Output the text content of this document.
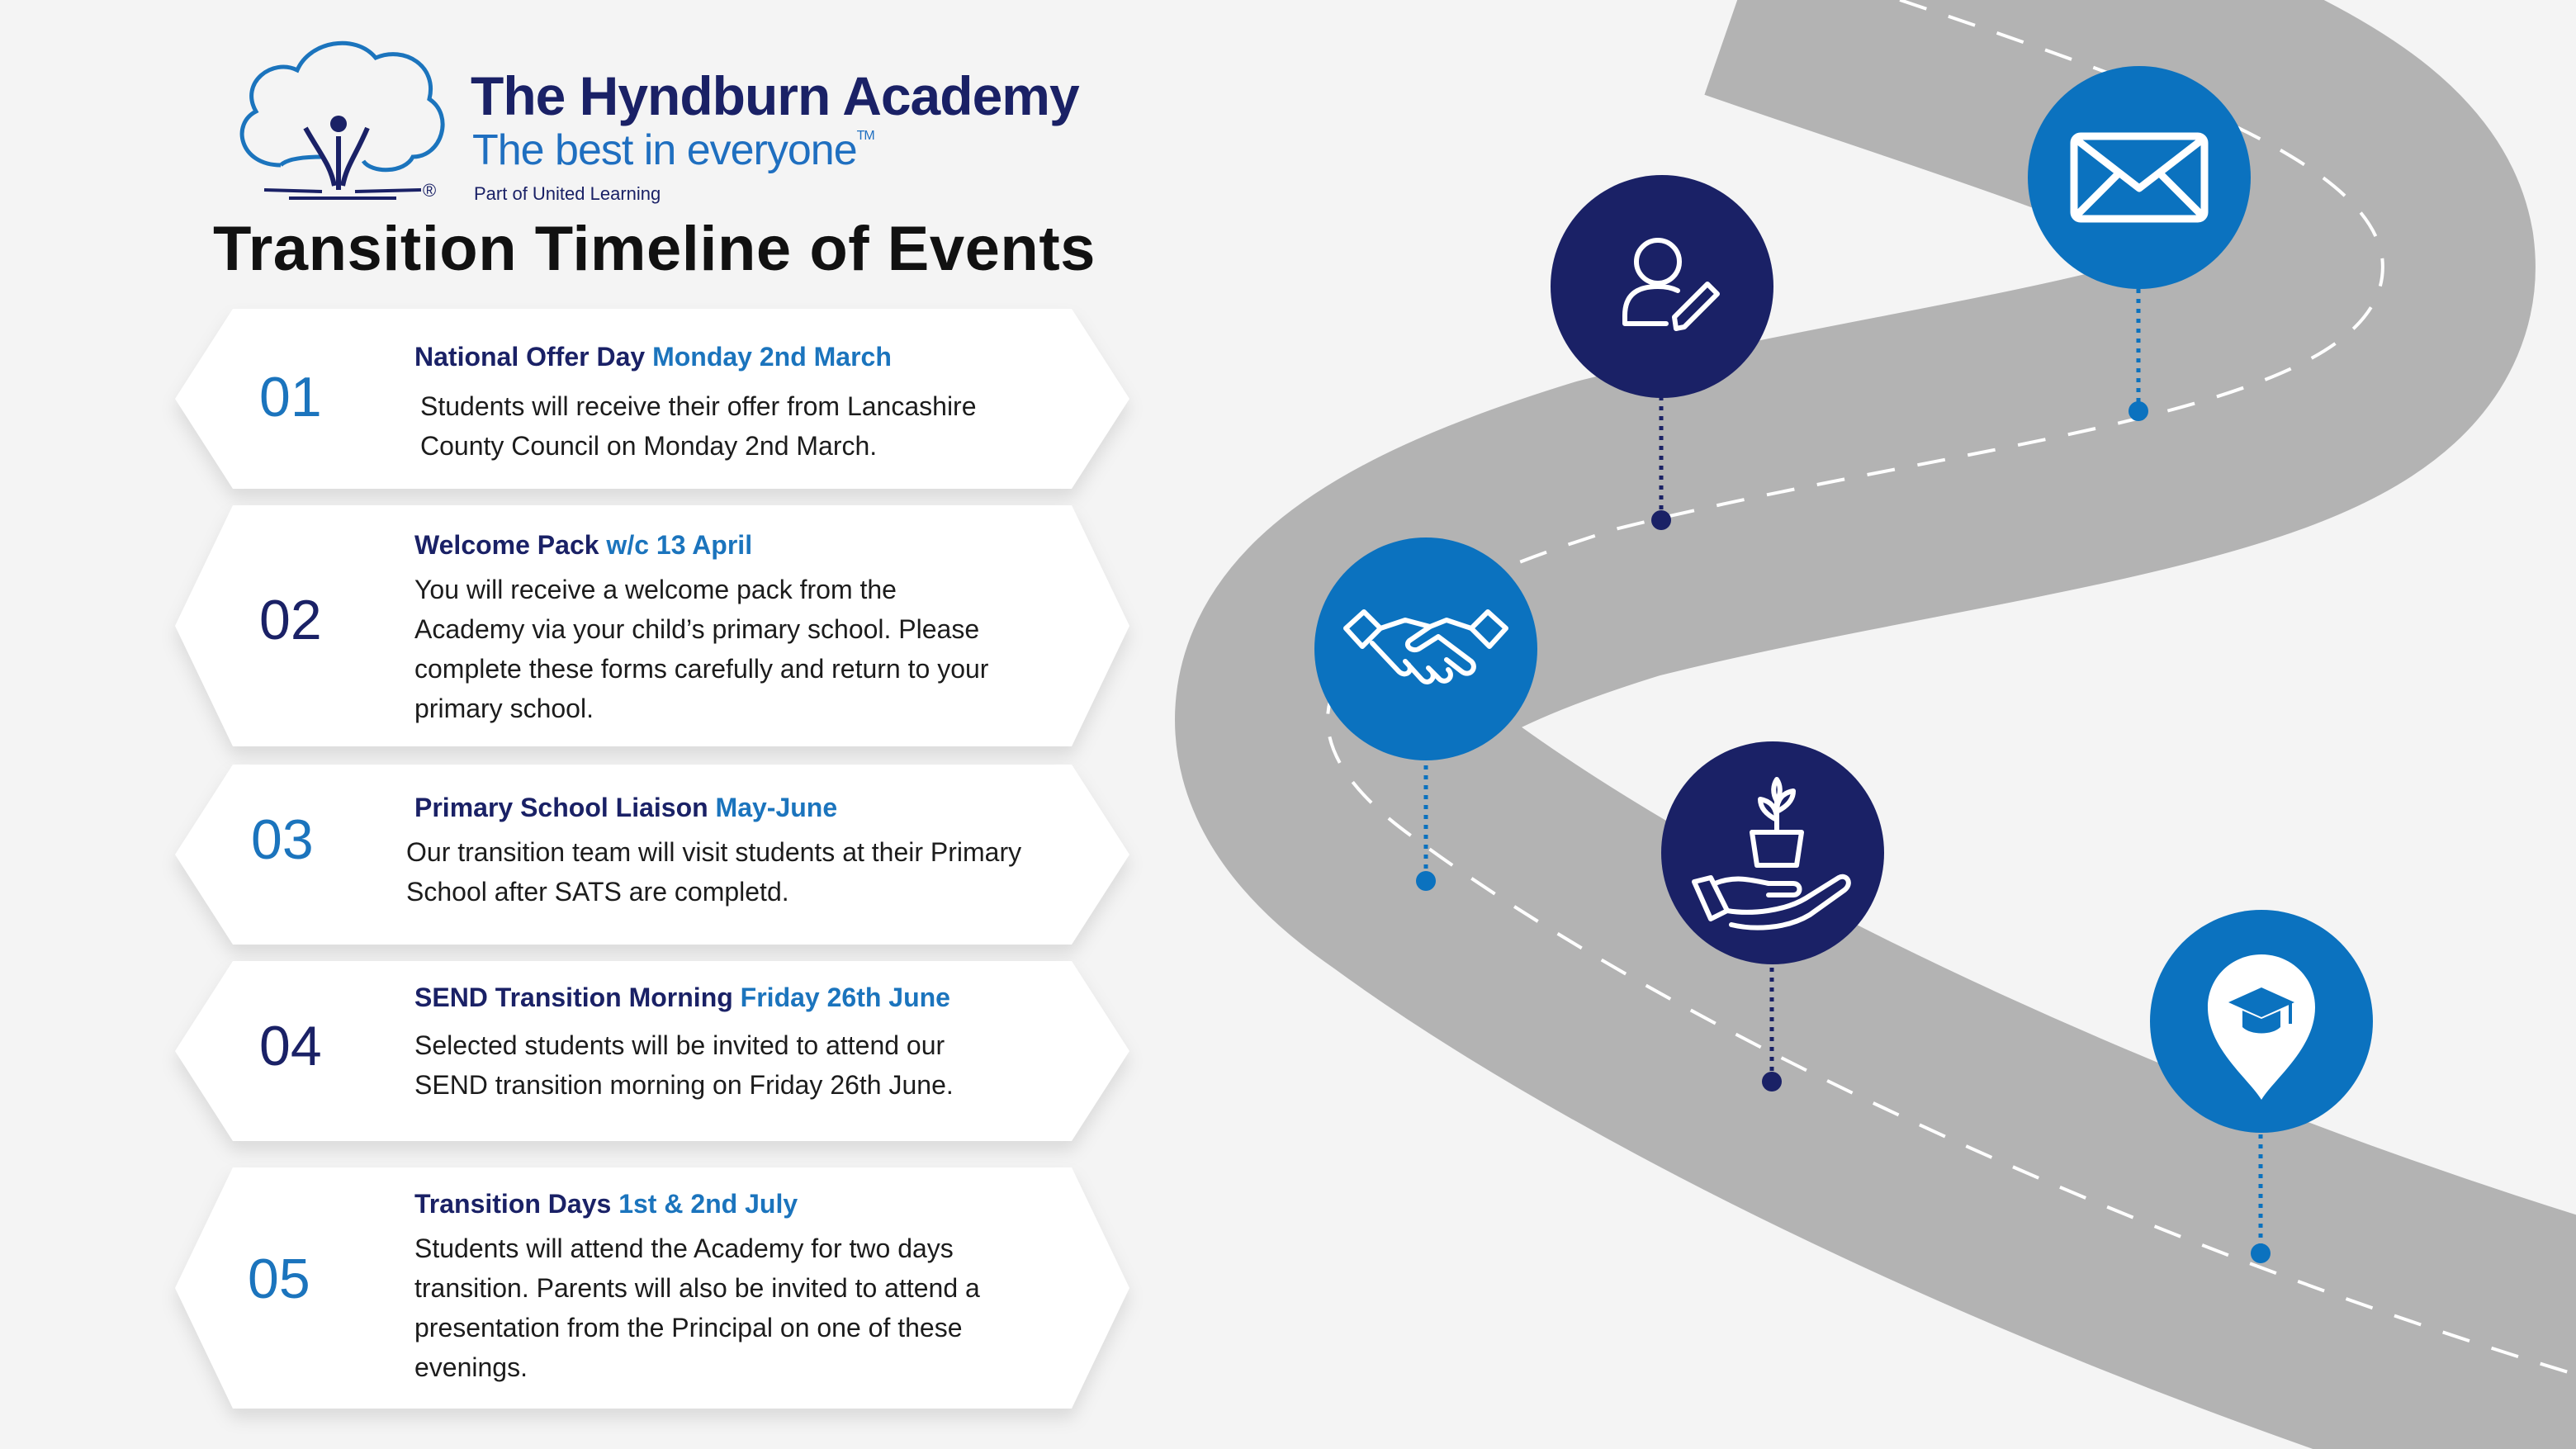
The Hyndburn Academy
The best in everyone™
® Part of United Learning
Transition Timeline of Events
01
National Offer Day Monday 2nd March
Students will receive their offer from Lancashire
County Council on Monday 2nd March.
02
Welcome Pack w/c 13 April
You will receive a welcome pack from the
Academy via your child’s primary school. Please
complete these forms carefully and return to your
primary school.
03
Primary School Liaison May-June
Our transition team will visit students at their Primary
School after SATS are completd.
04
SEND Transition Morning Friday 26th June
Selected students will be invited to attend our
SEND transition morning on Friday 26th June.
05
Transition Days 1st & 2nd July
Students will attend the Academy for two days
transition. Parents will also be invited to attend a
presentation from the Principal on one of these
evenings.
